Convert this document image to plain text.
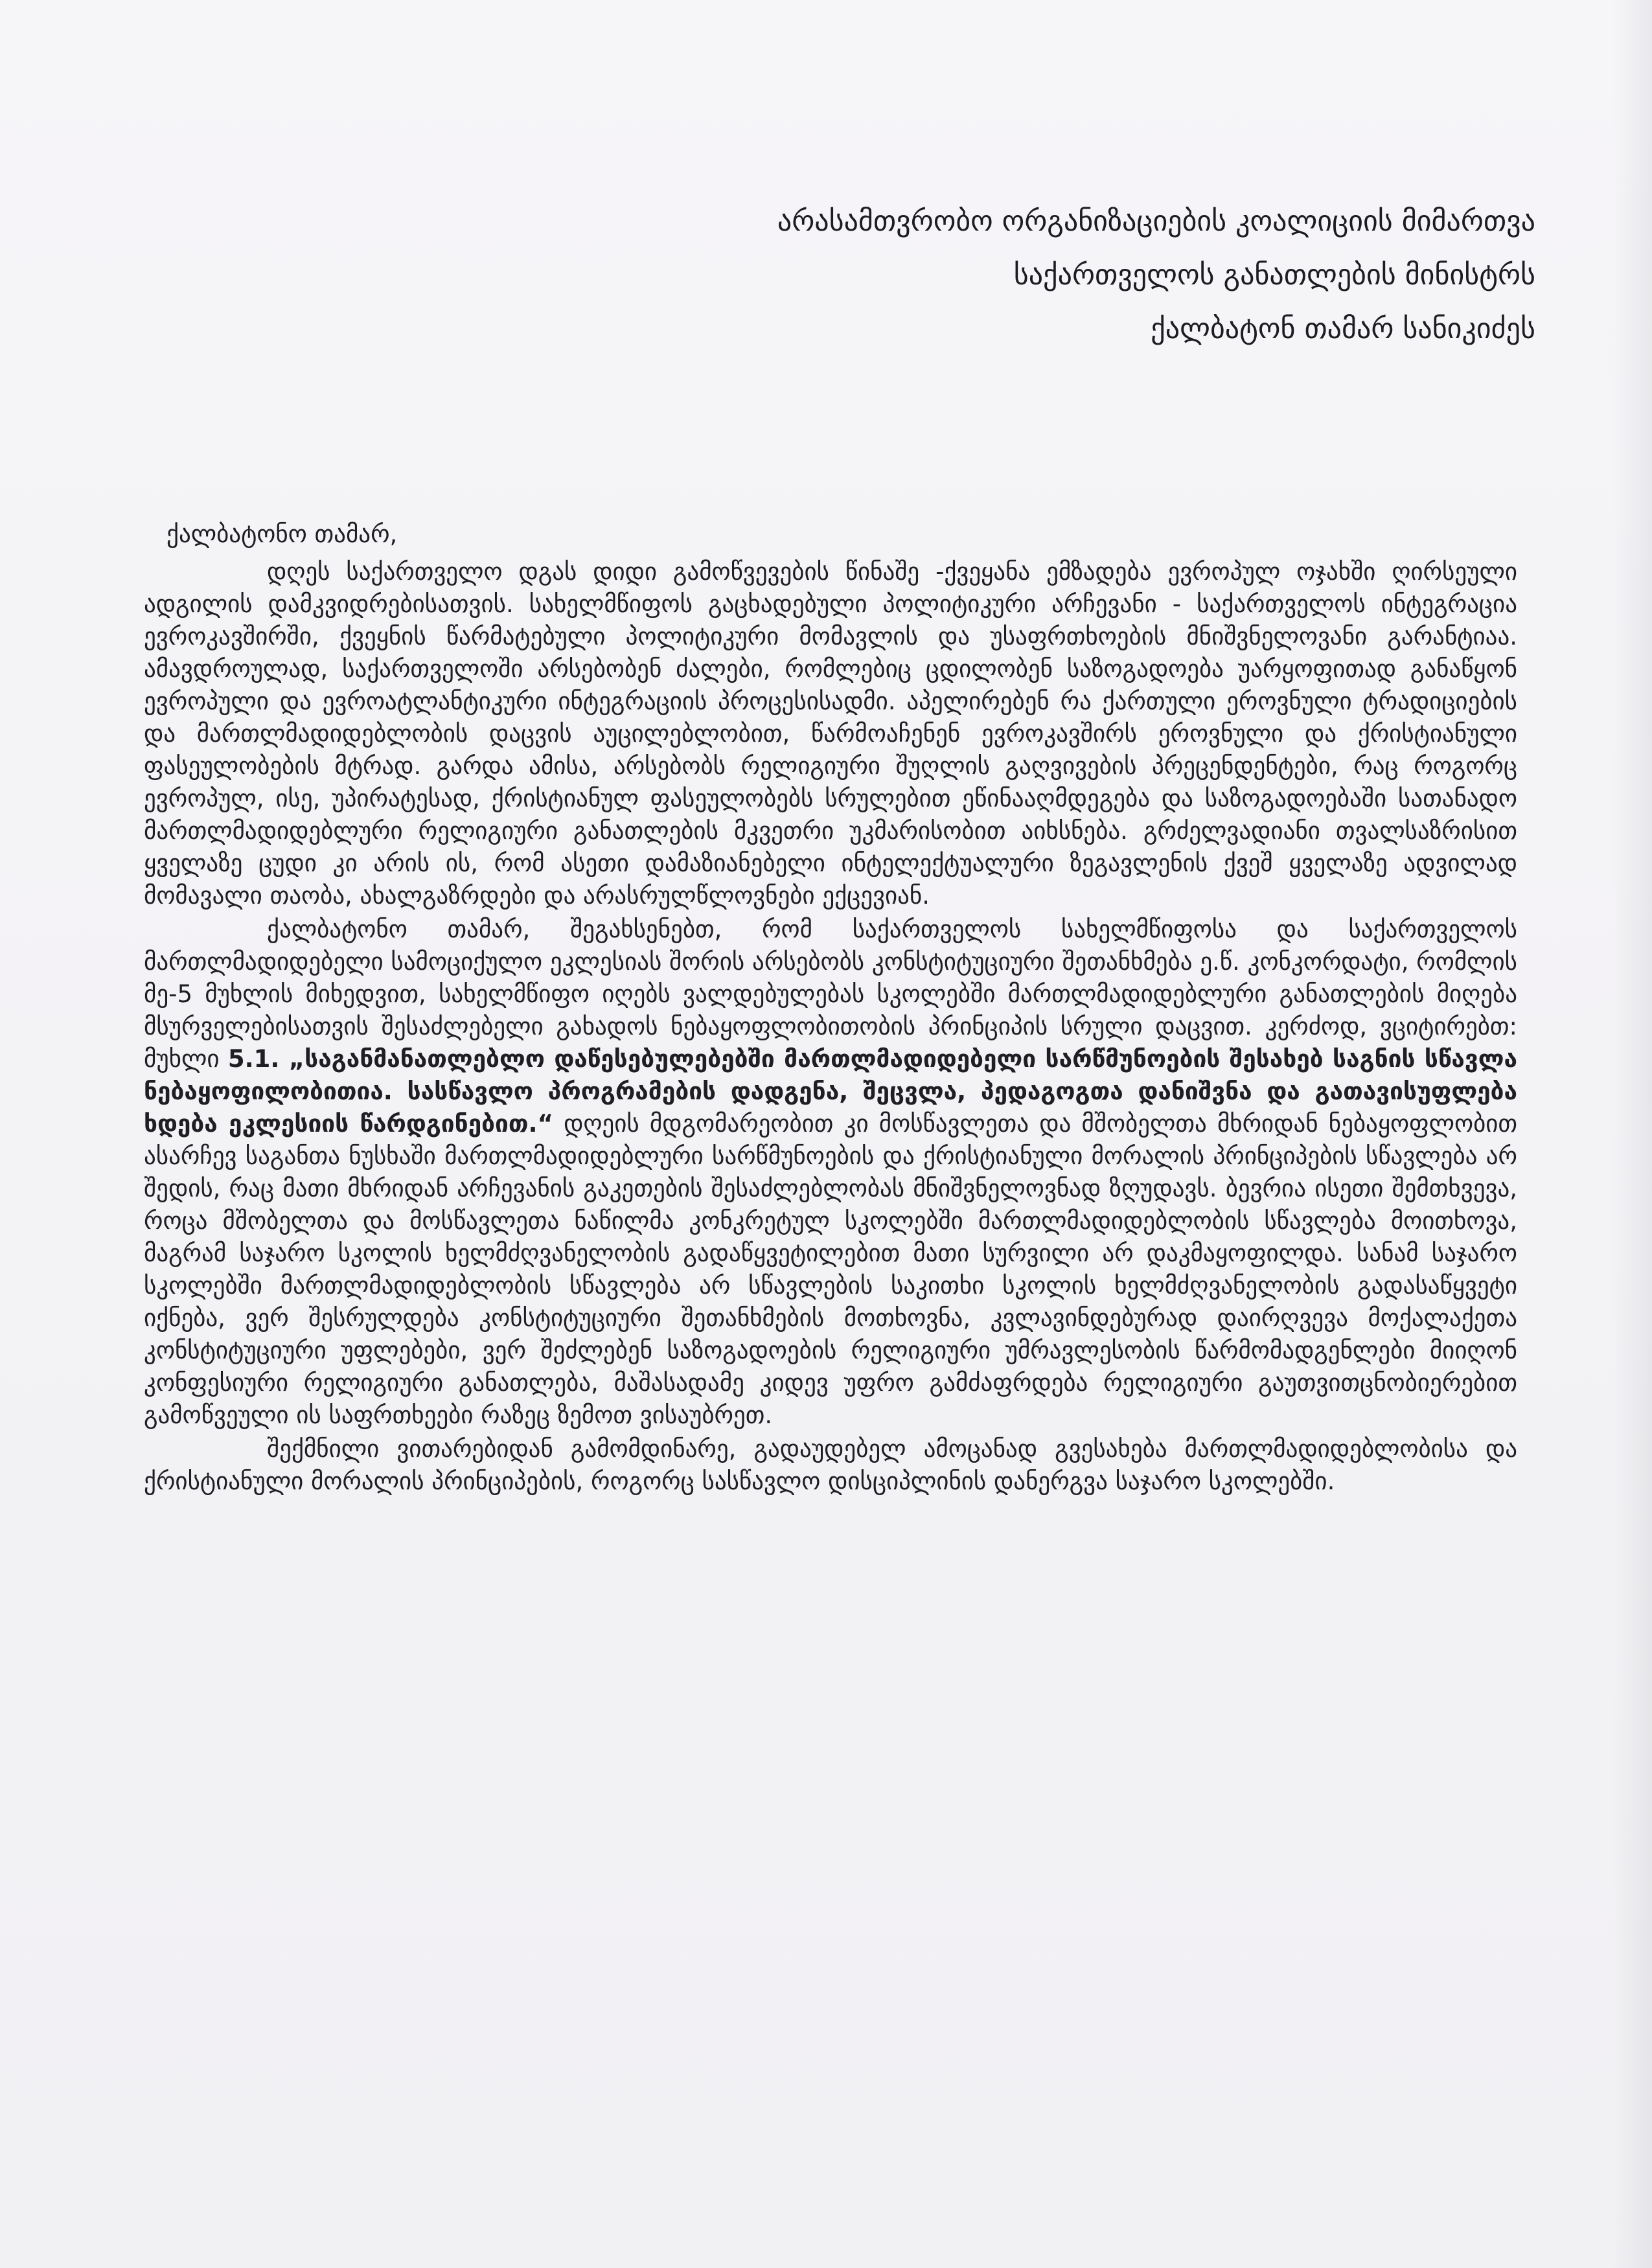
არასამთვრობო ორგანიზაციების კოალიციის მიმართვა
საქართველოს განათლების მინისტრს
ქალბატონ თამარ სანიკიძეს

ქალბატონო თამარ,

დღეს საქართველო დგას დიდი გამოწვევების წინაშე -ქვეყანა ემზადება ევროპულ ოჯახში ღირსეული ადგილის დამკვიდრებისათვის. სახელმწიფოს გაცხადებული პოლიტიკური არჩევანი - საქართველოს ინტეგრაცია ევროკავშირში, ქვეყნის წარმატებული პოლიტიკური მომავლის და უსაფრთხოების მნიშვნელოვანი გარანტიაა. ამავდროულად, საქართველოში არსებობენ ძალები, რომლებიც ცდილობენ საზოგადოება უარყოფითად განაწყონ ევროპული და ევროატლანტიკური ინტეგრაციის პროცესისადმი. აპელირებენ რა ქართული ეროვნული ტრადიციების და მართლმადიდებლობის დაცვის აუცილებლობით, წარმოაჩენენ ევროკავშირს ეროვნული და ქრისტიანული ფასეულობების მტრად. გარდა ამისა, არსებობს რელიგიური შუღლის გაღვივების პრეცენდენტები, რაც როგორც ევროპულ, ისე, უპირატესად, ქრისტიანულ ფასეულობებს სრულებით ეწინააღმდეგება და საზოგადოებაში სათანადო მართლმადიდებლური რელიგიური განათლების მკვეთრი უკმარისობით აიხსნება. გრძელვადიანი თვალსაზრისით ყველაზე ცუდი კი არის ის, რომ ასეთი დამაზიანებელი ინტელექტუალური ზეგავლენის ქვეშ ყველაზე ადვილად მომავალი თაობა, ახალგაზრდები და არასრულწლოვნები ექცევიან.

ქალბატონო თამარ, შეგახსენებთ, რომ საქართველოს სახელმწიფოსა და საქართველოს მართლმადიდებელი სამოციქულო ეკლესიას შორის არსებობს კონსტიტუციური შეთანხმება ე.წ. კონკორდატი, რომლის მე-5 მუხლის მიხედვით, სახელმწიფო იღებს ვალდებულებას სკოლებში მართლმადიდებლური განათლების მიღება მსურველებისათვის შესაძლებელი გახადოს ნებაყოფლობითობის პრინციპის სრული დაცვით. კერძოდ, ვციტირებთ: მუხლი 5.1. „საგანმანათლებლო დაწესებულებებში მართლმადიდებელი სარწმუნოების შესახებ საგნის სწავლა ნებაყოფილობითია. სასწავლო პროგრამების დადგენა, შეცვლა, პედაგოგთა დანიშვნა და გათავისუფლება ხდება ეკლესიის წარდგინებით.“ დღეის მდგომარეობით კი მოსწავლეთა და მშობელთა მხრიდან ნებაყოფლობით ასარჩევ საგანთა ნუსხაში მართლმადიდებლური სარწმუნოების და ქრისტიანული მორალის პრინციპების სწავლება არ შედის, რაც მათი მხრიდან არჩევანის გაკეთების შესაძლებლობას მნიშვნელოვნად ზღუდავს. ბევრია ისეთი შემთხვევა, როცა მშობელთა და მოსწავლეთა ნაწილმა კონკრეტულ სკოლებში მართლმადიდებლობის სწავლება მოითხოვა, მაგრამ საჯარო სკოლის ხელმძღვანელობის გადაწყვეტილებით მათი სურვილი არ დაკმაყოფილდა. სანამ საჯარო სკოლებში მართლმადიდებლობის სწავლება არ სწავლების საკითხი სკოლის ხელმძღვანელობის გადასაწყვეტი იქნება, ვერ შესრულდება კონსტიტუციური შეთანხმების მოთხოვნა, კვლავინდებურად დაირღვევა მოქალაქეთა კონსტიტუციური უფლებები, ვერ შეძლებენ საზოგადოების რელიგიური უმრავლესობის წარმომადგენლები მიიღონ კონფესიური რელიგიური განათლება, მაშასადამე კიდევ უფრო გამძაფრდება რელიგიური გაუთვითცნობიერებით გამოწვეული ის საფრთხეები რაზეც ზემოთ ვისაუბრეთ.

შექმნილი ვითარებიდან გამომდინარე, გადაუდებელ ამოცანად გვესახება მართლმადიდებლობისა და ქრისტიანული მორალის პრინციპების, როგორც სასწავლო დისციპლინის დანერგვა საჯარო სკოლებში.
